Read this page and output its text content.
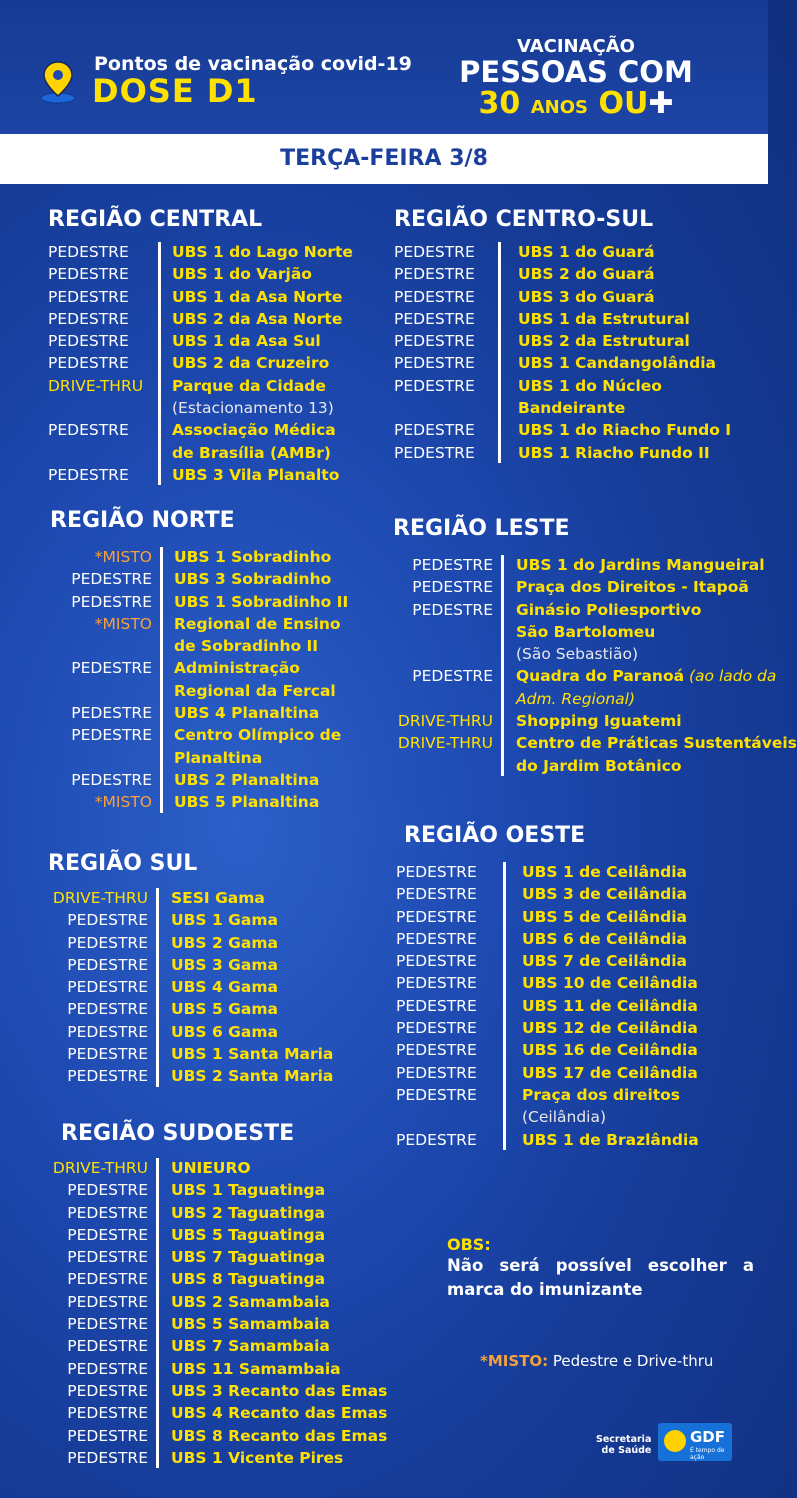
Pontos de vacinação covid-19
DOSE D1
VACINAÇÃO
PESSOAS COM
30 ANOS OU✚
TERÇA-FEIRA 3/8
REGIÃO CENTRAL
PEDESTRE	UBS 1 do Lago Norte
PEDESTRE	UBS 1 do Varjão
PEDESTRE	UBS 1 da Asa Norte
PEDESTRE	UBS 2 da Asa Norte
PEDESTRE	UBS 1 da Asa Sul
PEDESTRE	UBS 2 da Cruzeiro
DRIVE-THRU	Parque da Cidade
(Estacionamento 13)
PEDESTRE	Associação Médica
de Brasília (AMBr)
PEDESTRE	UBS 3 Vila Planalto
REGIÃO NORTE
*MISTO UBS 1 Sobradinho
PEDESTRE UBS 3 Sobradinho
PEDESTRE UBS 1 Sobradinho II
*MISTO Regional de Ensino
de Sobradinho II
PEDESTRE Administração
Regional da Fercal
PEDESTRE UBS 4 Planaltina
PEDESTRE Centro Olímpico de
Planaltina
PEDESTRE UBS 2 Planaltina
*MISTO UBS 5 Planaltina
REGIÃO SUL
DRIVE-THRU SESI Gama
PEDESTRE UBS 1 Gama
PEDESTRE UBS 2 Gama
PEDESTRE UBS 3 Gama
PEDESTRE UBS 4 Gama
PEDESTRE UBS 5 Gama
PEDESTRE UBS 6 Gama
PEDESTRE UBS 1 Santa Maria
PEDESTRE UBS 2 Santa Maria
REGIÃO SUDOESTE
DRIVE-THRU UNIEURO
PEDESTRE UBS 1 Taguatinga
PEDESTRE UBS 2 Taguatinga
PEDESTRE UBS 5 Taguatinga
PEDESTRE UBS 7 Taguatinga
PEDESTRE UBS 8 Taguatinga
PEDESTRE UBS 2 Samambaia
PEDESTRE UBS 5 Samambaia
PEDESTRE UBS 7 Samambaia
PEDESTRE UBS 11 Samambaia
PEDESTRE UBS 3 Recanto das Emas
PEDESTRE UBS 4 Recanto das Emas
PEDESTRE UBS 8 Recanto das Emas
PEDESTRE UBS 1 Vicente Pires
REGIÃO CENTRO-SUL
PEDESTRE	UBS 1 do Guará
PEDESTRE	UBS 2 do Guará
PEDESTRE	UBS 3 do Guará
PEDESTRE	UBS 1 da Estrutural
PEDESTRE	UBS 2 da Estrutural
PEDESTRE	UBS 1 Candangolândia
PEDESTRE	UBS 1 do Núcleo
Bandeirante
PEDESTRE	UBS 1 do Riacho Fundo I
PEDESTRE	UBS 1 Riacho Fundo II
REGIÃO LESTE
PEDESTRE UBS 1 do Jardins Mangueiral
PEDESTRE Praça dos Direitos - Itapoã
PEDESTRE Ginásio Poliesportivo
São Bartolomeu
(São Sebastião)
PEDESTRE Quadra do Paranoá (ao lado da
Adm. Regional)
DRIVE-THRU Shopping Iguatemi
DRIVE-THRU Centro de Práticas Sustentáveis
do Jardim Botânico
REGIÃO OESTE
PEDESTRE	UBS 1 de Ceilândia
PEDESTRE	UBS 3 de Ceilândia
PEDESTRE	UBS 5 de Ceilândia
PEDESTRE	UBS 6 de Ceilândia
PEDESTRE	UBS 7 de Ceilândia
PEDESTRE	UBS 10 de Ceilândia
PEDESTRE	UBS 11 de Ceilândia
PEDESTRE	UBS 12 de Ceilândia
PEDESTRE	UBS 16 de Ceilândia
PEDESTRE	UBS 17 de Ceilândia
PEDESTRE	Praça dos direitos
(Ceilândia)
PEDESTRE	UBS 1 de Brazlândia
OBS:
Não será possível escolher a
marca do imunizante
*MISTO: Pedestre e Drive-thru
Secretaria
de Saúde
GDF
É tempo de ação
